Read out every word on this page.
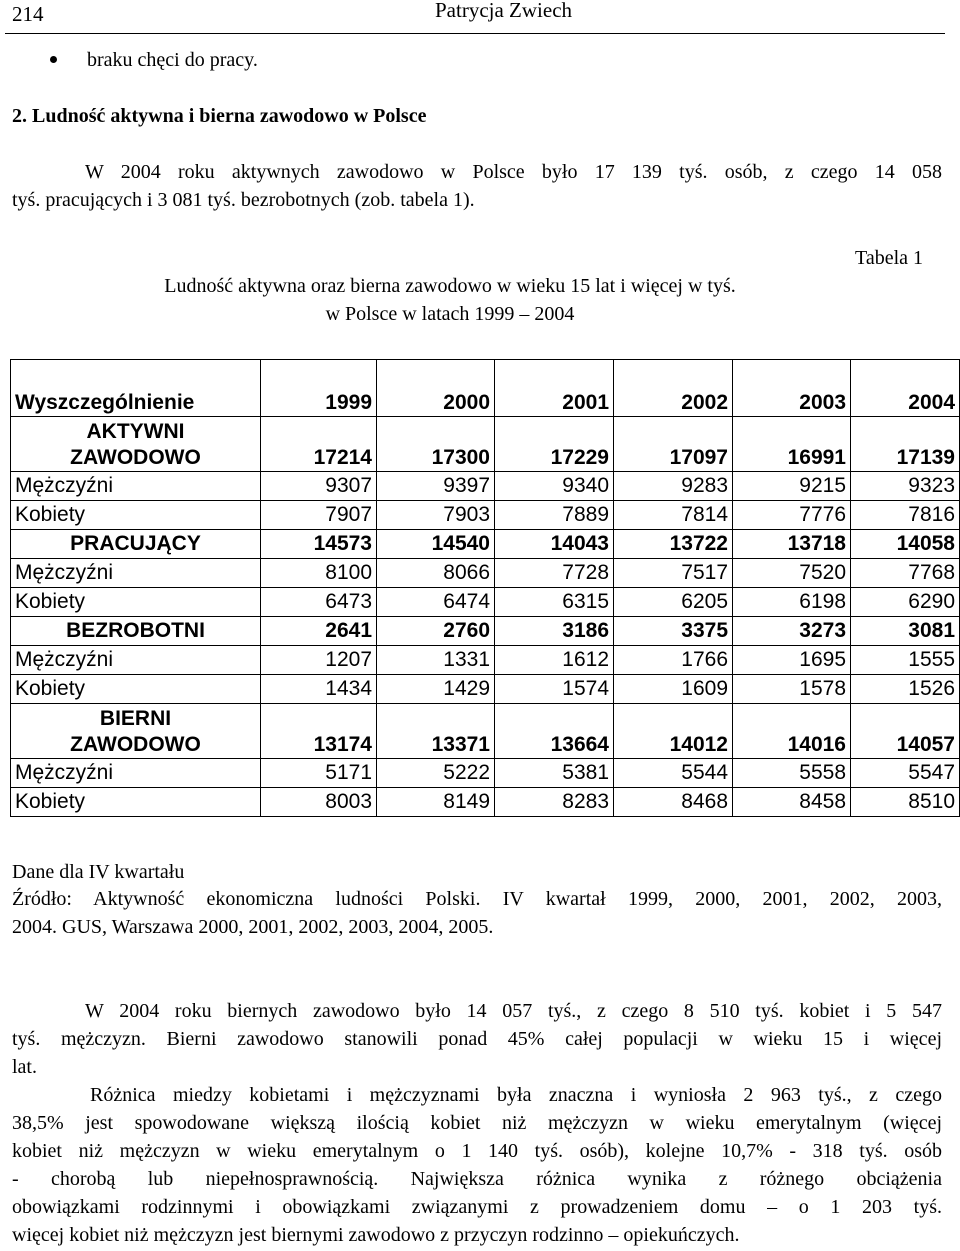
214	Patrycja Zwiech
braku chęci do pracy.
2. Ludność aktywna i bierna zawodowo w Polsce
W 2004 roku aktywnych zawodowo w Polsce było 17 139 tyś. osób, z czego 14 058
tyś. pracujących i 3 081 tyś. bezrobotnych (zob. tabela 1).
Tabela 1
Ludność aktywna oraz bierna zawodowo w wieku 15 lat i więcej w tyś.
w Polsce w latach 1999 – 2004
Wyszczególnienie	1999	2000	2001	2002	2003	2004
AKTYWNI
ZAWODOWO	17214	17300	17229	17097	16991	17139
Mężczyźni	9307	9397	9340	9283	9215	9323
Kobiety	7907	7903	7889	7814	7776	7816
PRACUJĄCY	14573	14540	14043	13722	13718	14058
Mężczyźni	8100	8066	7728	7517	7520	7768
Kobiety	6473	6474	6315	6205	6198	6290
BEZROBOTNI	2641	2760	3186	3375	3273	3081
Mężczyźni	1207	1331	1612	1766	1695	1555
Kobiety	1434	1429	1574	1609	1578	1526
BIERNI
ZAWODOWO	13174	13371	13664	14012	14016	14057
Mężczyźni	5171	5222	5381	5544	5558	5547
Kobiety	8003	8149	8283	8468	8458	8510
Dane dla IV kwartału
Źródło: Aktywność ekonomiczna ludności Polski. IV kwartał 1999, 2000, 2001, 2002, 2003,
2004. GUS, Warszawa 2000, 2001, 2002, 2003, 2004, 2005.
W 2004 roku biernych zawodowo było 14 057 tyś., z czego 8 510 tyś. kobiet i 5 547
tyś. mężczyzn. Bierni zawodowo stanowili ponad 45% całej populacji w wieku 15 i więcej
lat.
Różnica miedzy kobietami i mężczyznami była znaczna i wyniosła 2 963 tyś., z czego
38,5% jest spowodowane większą ilością kobiet niż mężczyzn w wieku emerytalnym (więcej
kobiet niż mężczyzn w wieku emerytalnym o 1 140 tyś. osób), kolejne 10,7% - 318 tyś. osób
- chorobą lub niepełnosprawnością. Największa różnica wynika z różnego obciążenia
obowiązkami rodzinnymi i obowiązkami związanymi z prowadzeniem domu – o 1 203 tyś.
więcej kobiet niż mężczyzn jest biernymi zawodowo z przyczyn rodzinno – opiekuńczych.
